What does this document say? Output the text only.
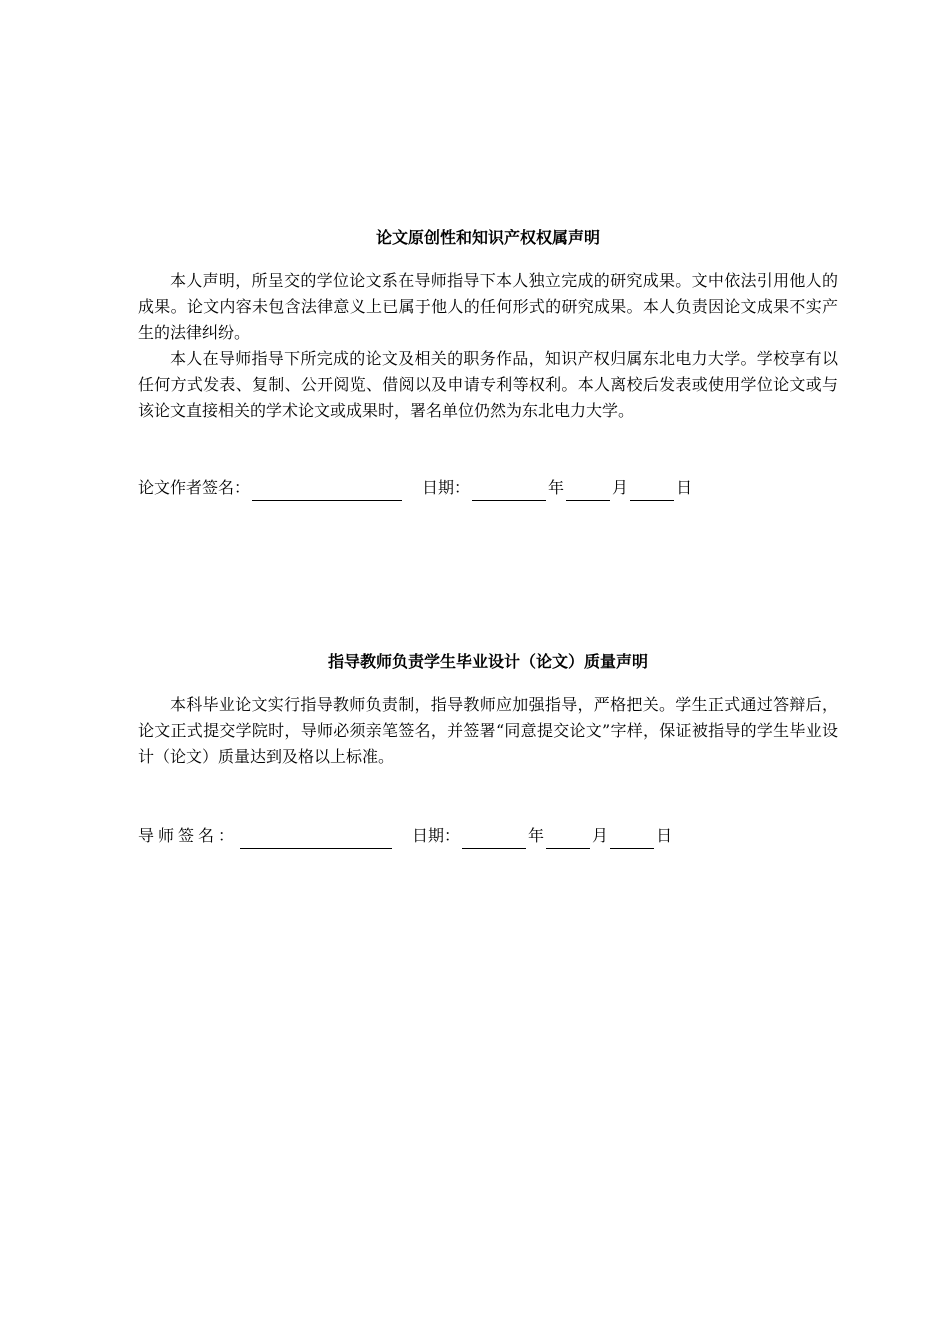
论文原创性和知识产权权属声明

本人声明，所呈交的学位论文系在导师指导下本人独立完成的研究成果。文中依法引用他人的成果。论文内容未包含法律意义上已属于他人的任何形式的研究成果。本人负责因论文成果不实产生的法律纠纷。

本人在导师指导下所完成的论文及相关的职务作品，知识产权归属东北电力大学。学校享有以任何方式发表、复制、公开阅览、借阅以及申请专利等权利。本人离校后发表或使用学位论文或与该论文直接相关的学术论文或成果时，署名单位仍然为东北电力大学。

论文作者签名：	日期：	年	月	日
指导教师负责学生毕业设计（论文）质量声明

本科毕业论文实行指导教师负责制，指导教师应加强指导，严格把关。学生正式通过答辩后，论文正式提交学院时，导师必须亲笔签名，并签署“同意提交论文”字样，保证被指导的学生毕业设计（论文）质量达到及格以上标准。

导师签名：	日期：	年	月	日
